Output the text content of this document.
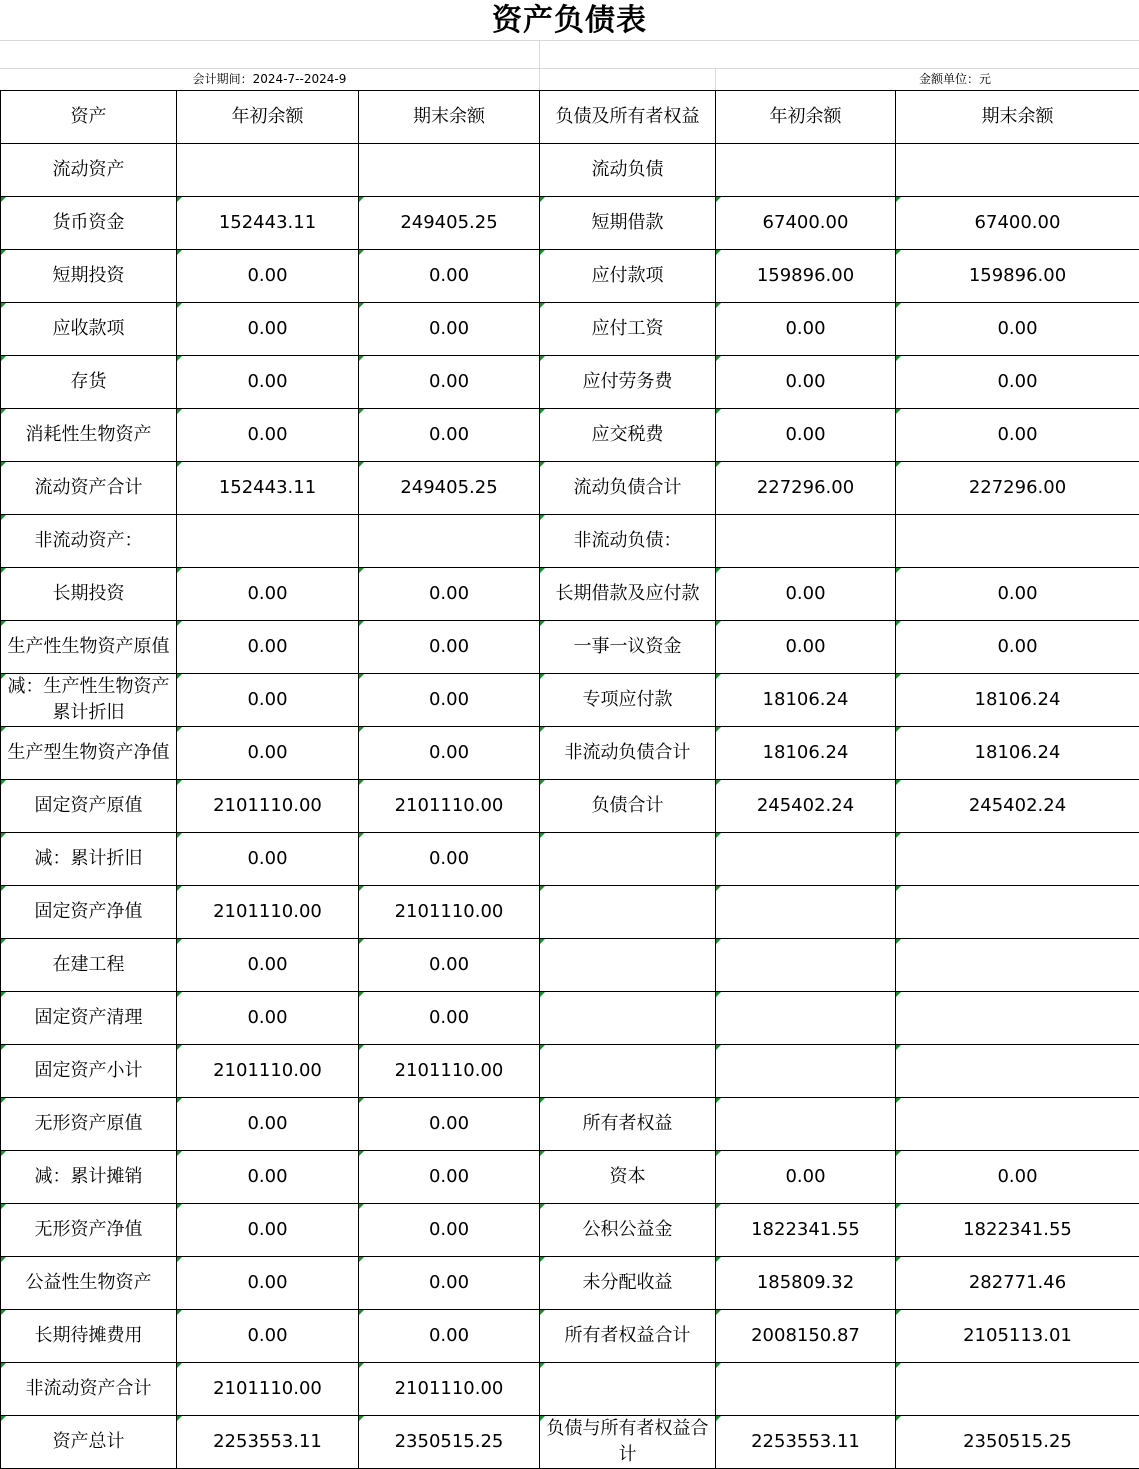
资产负债表
会计期间：2024-7--2024-9	金额单位：元
资产	年初余额	期末余额	负债及所有者权益	年初余额	期末余额
流动资产			流动负债		
货币资金	152443.11	249405.25	短期借款	67400.00	67400.00
短期投资	0.00	0.00	应付款项	159896.00	159896.00
应收款项	0.00	0.00	应付工资	0.00	0.00
存货	0.00	0.00	应付劳务费	0.00	0.00
消耗性生物资产	0.00	0.00	应交税费	0.00	0.00
流动资产合计	152443.11	249405.25	流动负债合计	227296.00	227296.00
非流动资产：			非流动负债：		
长期投资	0.00	0.00	长期借款及应付款	0.00	0.00
生产性生物资产原值	0.00	0.00	一事一议资金	0.00	0.00
减：生产性生物资产累计折旧	0.00	0.00	专项应付款	18106.24	18106.24
生产型生物资产净值	0.00	0.00	非流动负债合计	18106.24	18106.24
固定资产原值	2101110.00	2101110.00	负债合计	245402.24	245402.24
减：累计折旧	0.00	0.00			
固定资产净值	2101110.00	2101110.00			
在建工程	0.00	0.00			
固定资产清理	0.00	0.00			
固定资产小计	2101110.00	2101110.00			
无形资产原值	0.00	0.00	所有者权益		
减：累计摊销	0.00	0.00	资本	0.00	0.00
无形资产净值	0.00	0.00	公积公益金	1822341.55	1822341.55
公益性生物资产	0.00	0.00	未分配收益	185809.32	282771.46
长期待摊费用	0.00	0.00	所有者权益合计	2008150.87	2105113.01
非流动资产合计	2101110.00	2101110.00			
资产总计	2253553.11	2350515.25	负债与所有者权益合计	2253553.11	2350515.25
